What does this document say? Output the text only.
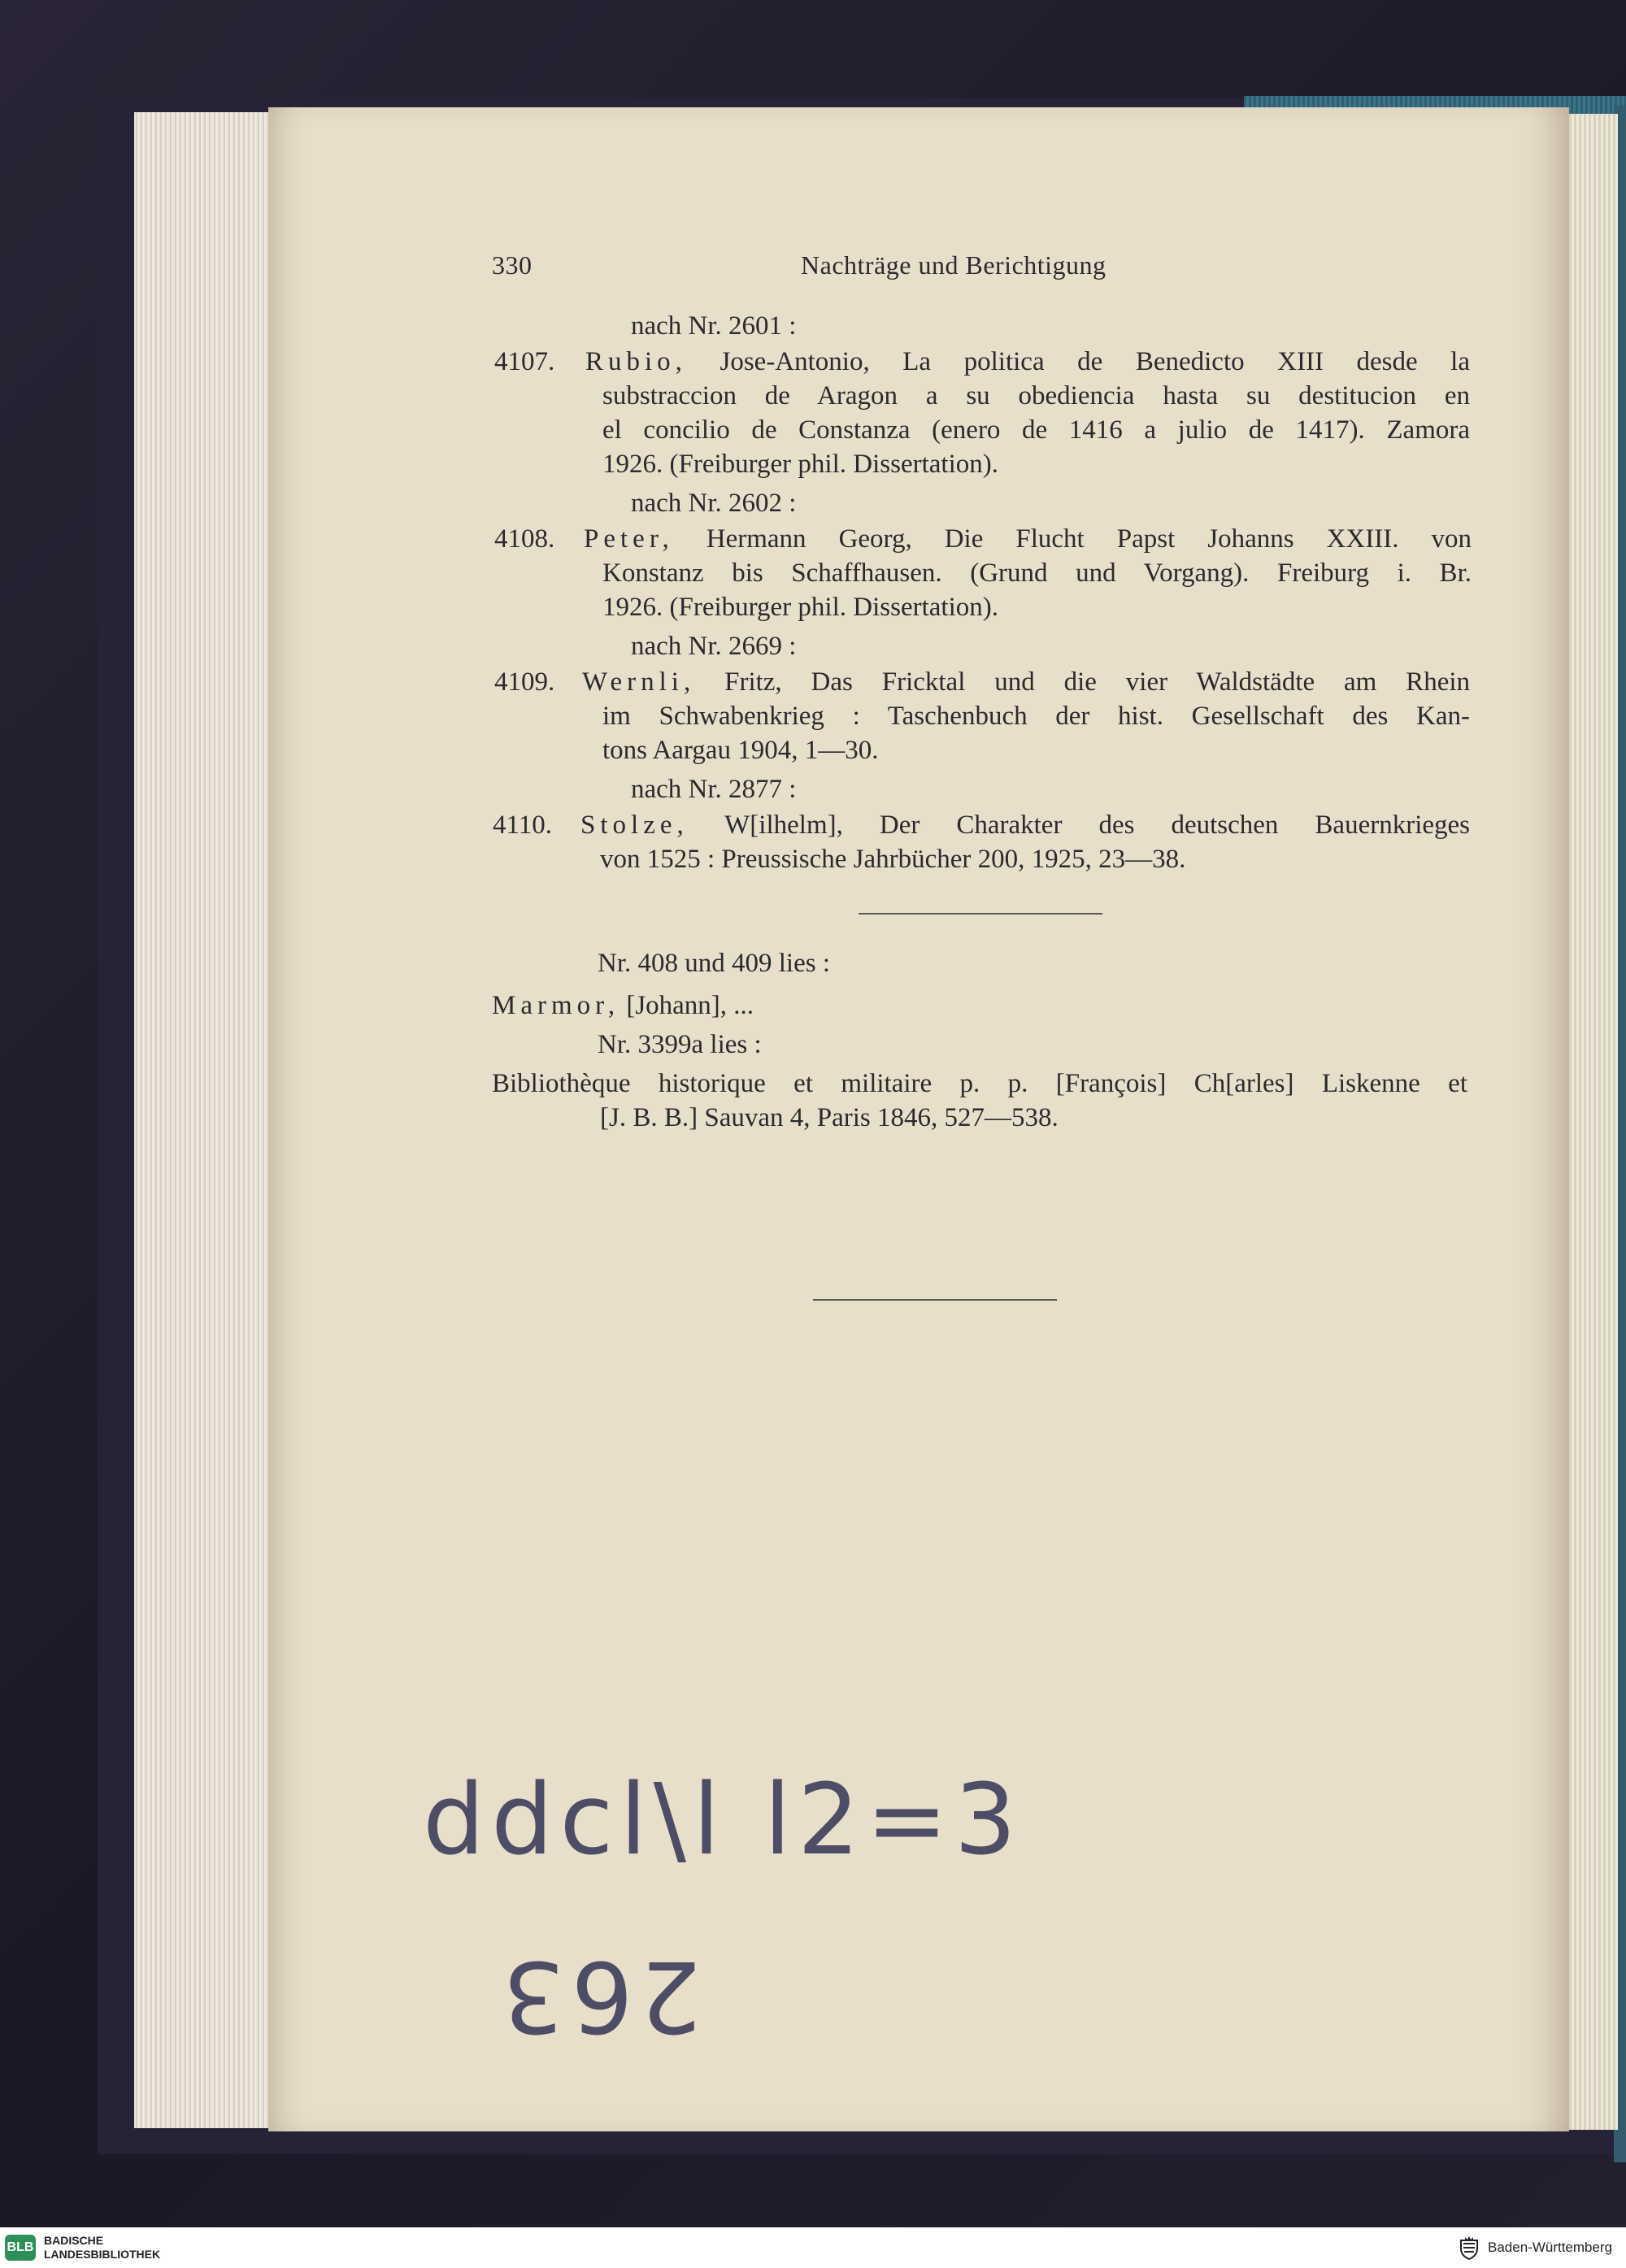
330	Nachträge und Berichtigung
nach Nr. 2601 :
4107. Rubio, Jose-Antonio, La politica de Benedicto XIII desde la
substraccion de Aragon a su obediencia hasta su destitucion en
el concilio de Constanza (enero de 1416 a julio de 1417). Zamora
1926. (Freiburger phil. Dissertation).
nach Nr. 2602 :
4108. Peter, Hermann Georg, Die Flucht Papst Johanns XXIII. von
Konstanz bis Schaffhausen. (Grund und Vorgang). Freiburg i. Br.
1926. (Freiburger phil. Dissertation).
nach Nr. 2669 :
4109. Wernli, Fritz, Das Fricktal und die vier Waldstädte am Rhein
im Schwabenkrieg : Taschenbuch der hist. Gesellschaft des Kan-
tons Aargau 1904, 1—30.
nach Nr. 2877 :
4110. Stolze, W[ilhelm], Der Charakter des deutschen Bauernkrieges
von 1525 : Preussische Jahrbücher 200, 1925, 23—38.
Nr. 408 und 409 lies :
Marmor, [Johann], ...
Nr. 3399a lies :
Bibliothèque historique et militaire p. p. [François] Ch[arles] Liskenne et
[J. B. B.] Sauvan 4, Paris 1846, 527—538.
ddcl\l l2=3
263
BLB BADISCHE
LANDESBIBLIOTHEK	Baden-Württemberg
